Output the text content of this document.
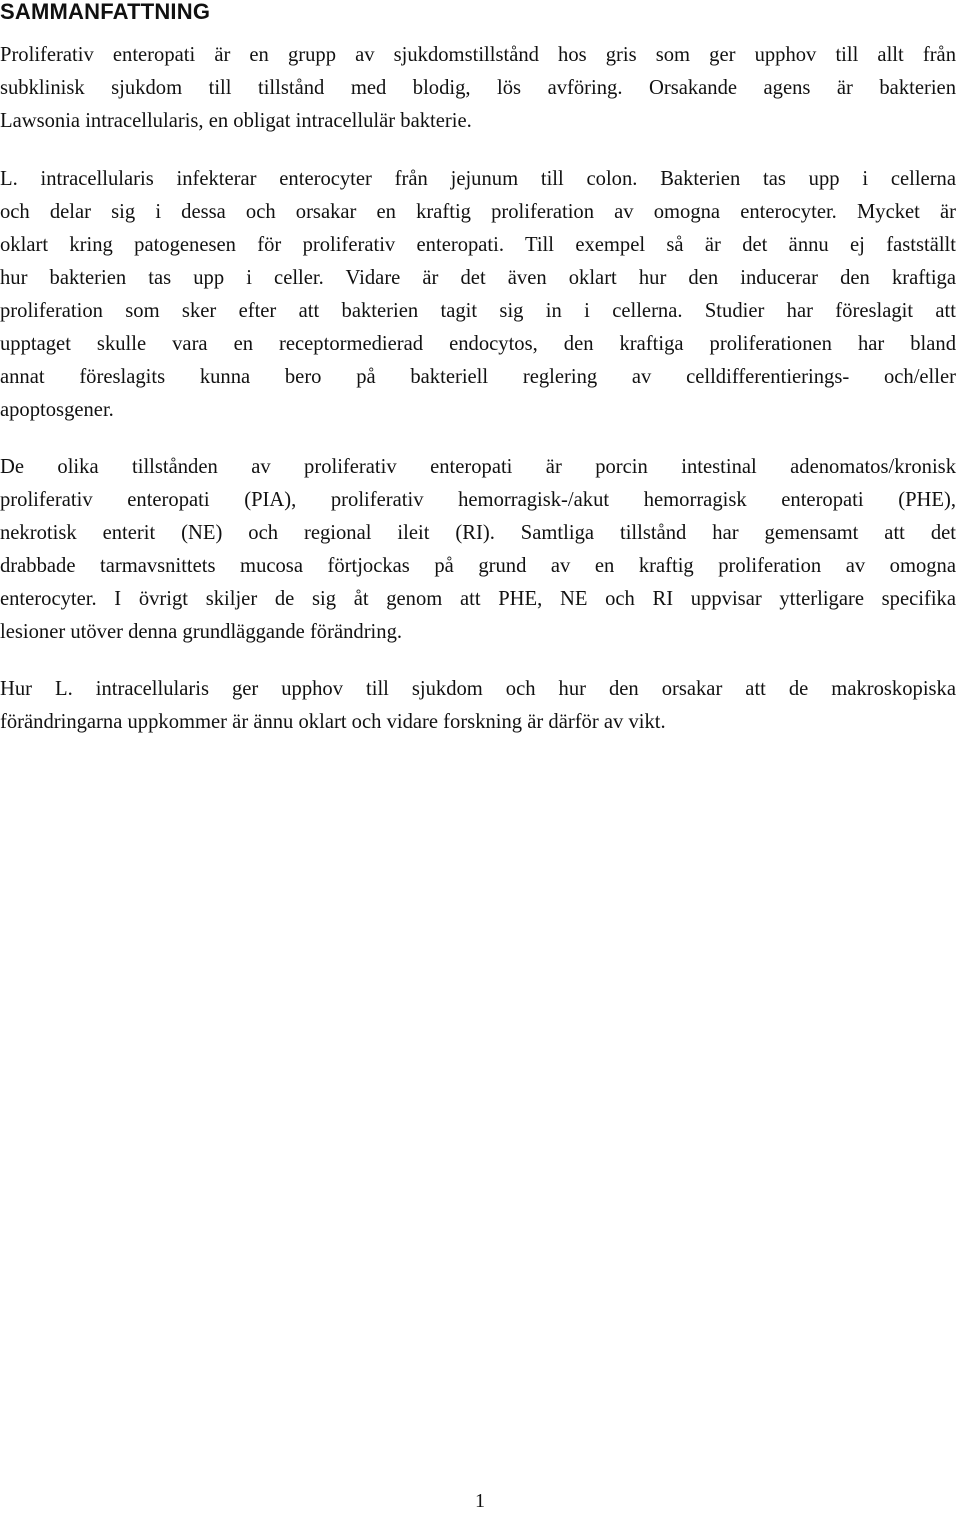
SAMMANFATTNING

Proliferativ enteropati är en grupp av sjukdomstillstånd hos gris som ger upphov till allt från
subklinisk sjukdom till tillstånd med blodig, lös avföring. Orsakande agens är bakterien
Lawsonia intracellularis, en obligat intracellulär bakterie.

L. intracellularis infekterar enterocyter från jejunum till colon. Bakterien tas upp i cellerna
och delar sig i dessa och orsakar en kraftig proliferation av omogna enterocyter. Mycket är
oklart kring patogenesen för proliferativ enteropati. Till exempel så är det ännu ej fastställt
hur bakterien tas upp i celler. Vidare är det även oklart hur den inducerar den kraftiga
proliferation som sker efter att bakterien tagit sig in i cellerna. Studier har föreslagit att
upptaget skulle vara en receptormedierad endocytos, den kraftiga proliferationen har bland
annat föreslagits kunna bero på bakteriell reglering av celldifferentierings- och/eller
apoptosgener.

De olika tillstånden av proliferativ enteropati är porcin intestinal adenomatos/kronisk
proliferativ enteropati (PIA), proliferativ hemorragisk-/akut hemorragisk enteropati (PHE),
nekrotisk enterit (NE) och regional ileit (RI). Samtliga tillstånd har gemensamt att det
drabbade tarmavsnittets mucosa förtjockas på grund av en kraftig proliferation av omogna
enterocyter. I övrigt skiljer de sig åt genom att PHE, NE och RI uppvisar ytterligare specifika
lesioner utöver denna grundläggande förändring.

Hur L. intracellularis ger upphov till sjukdom och hur den orsakar att de makroskopiska
förändringarna uppkommer är ännu oklart och vidare forskning är därför av vikt.

1
